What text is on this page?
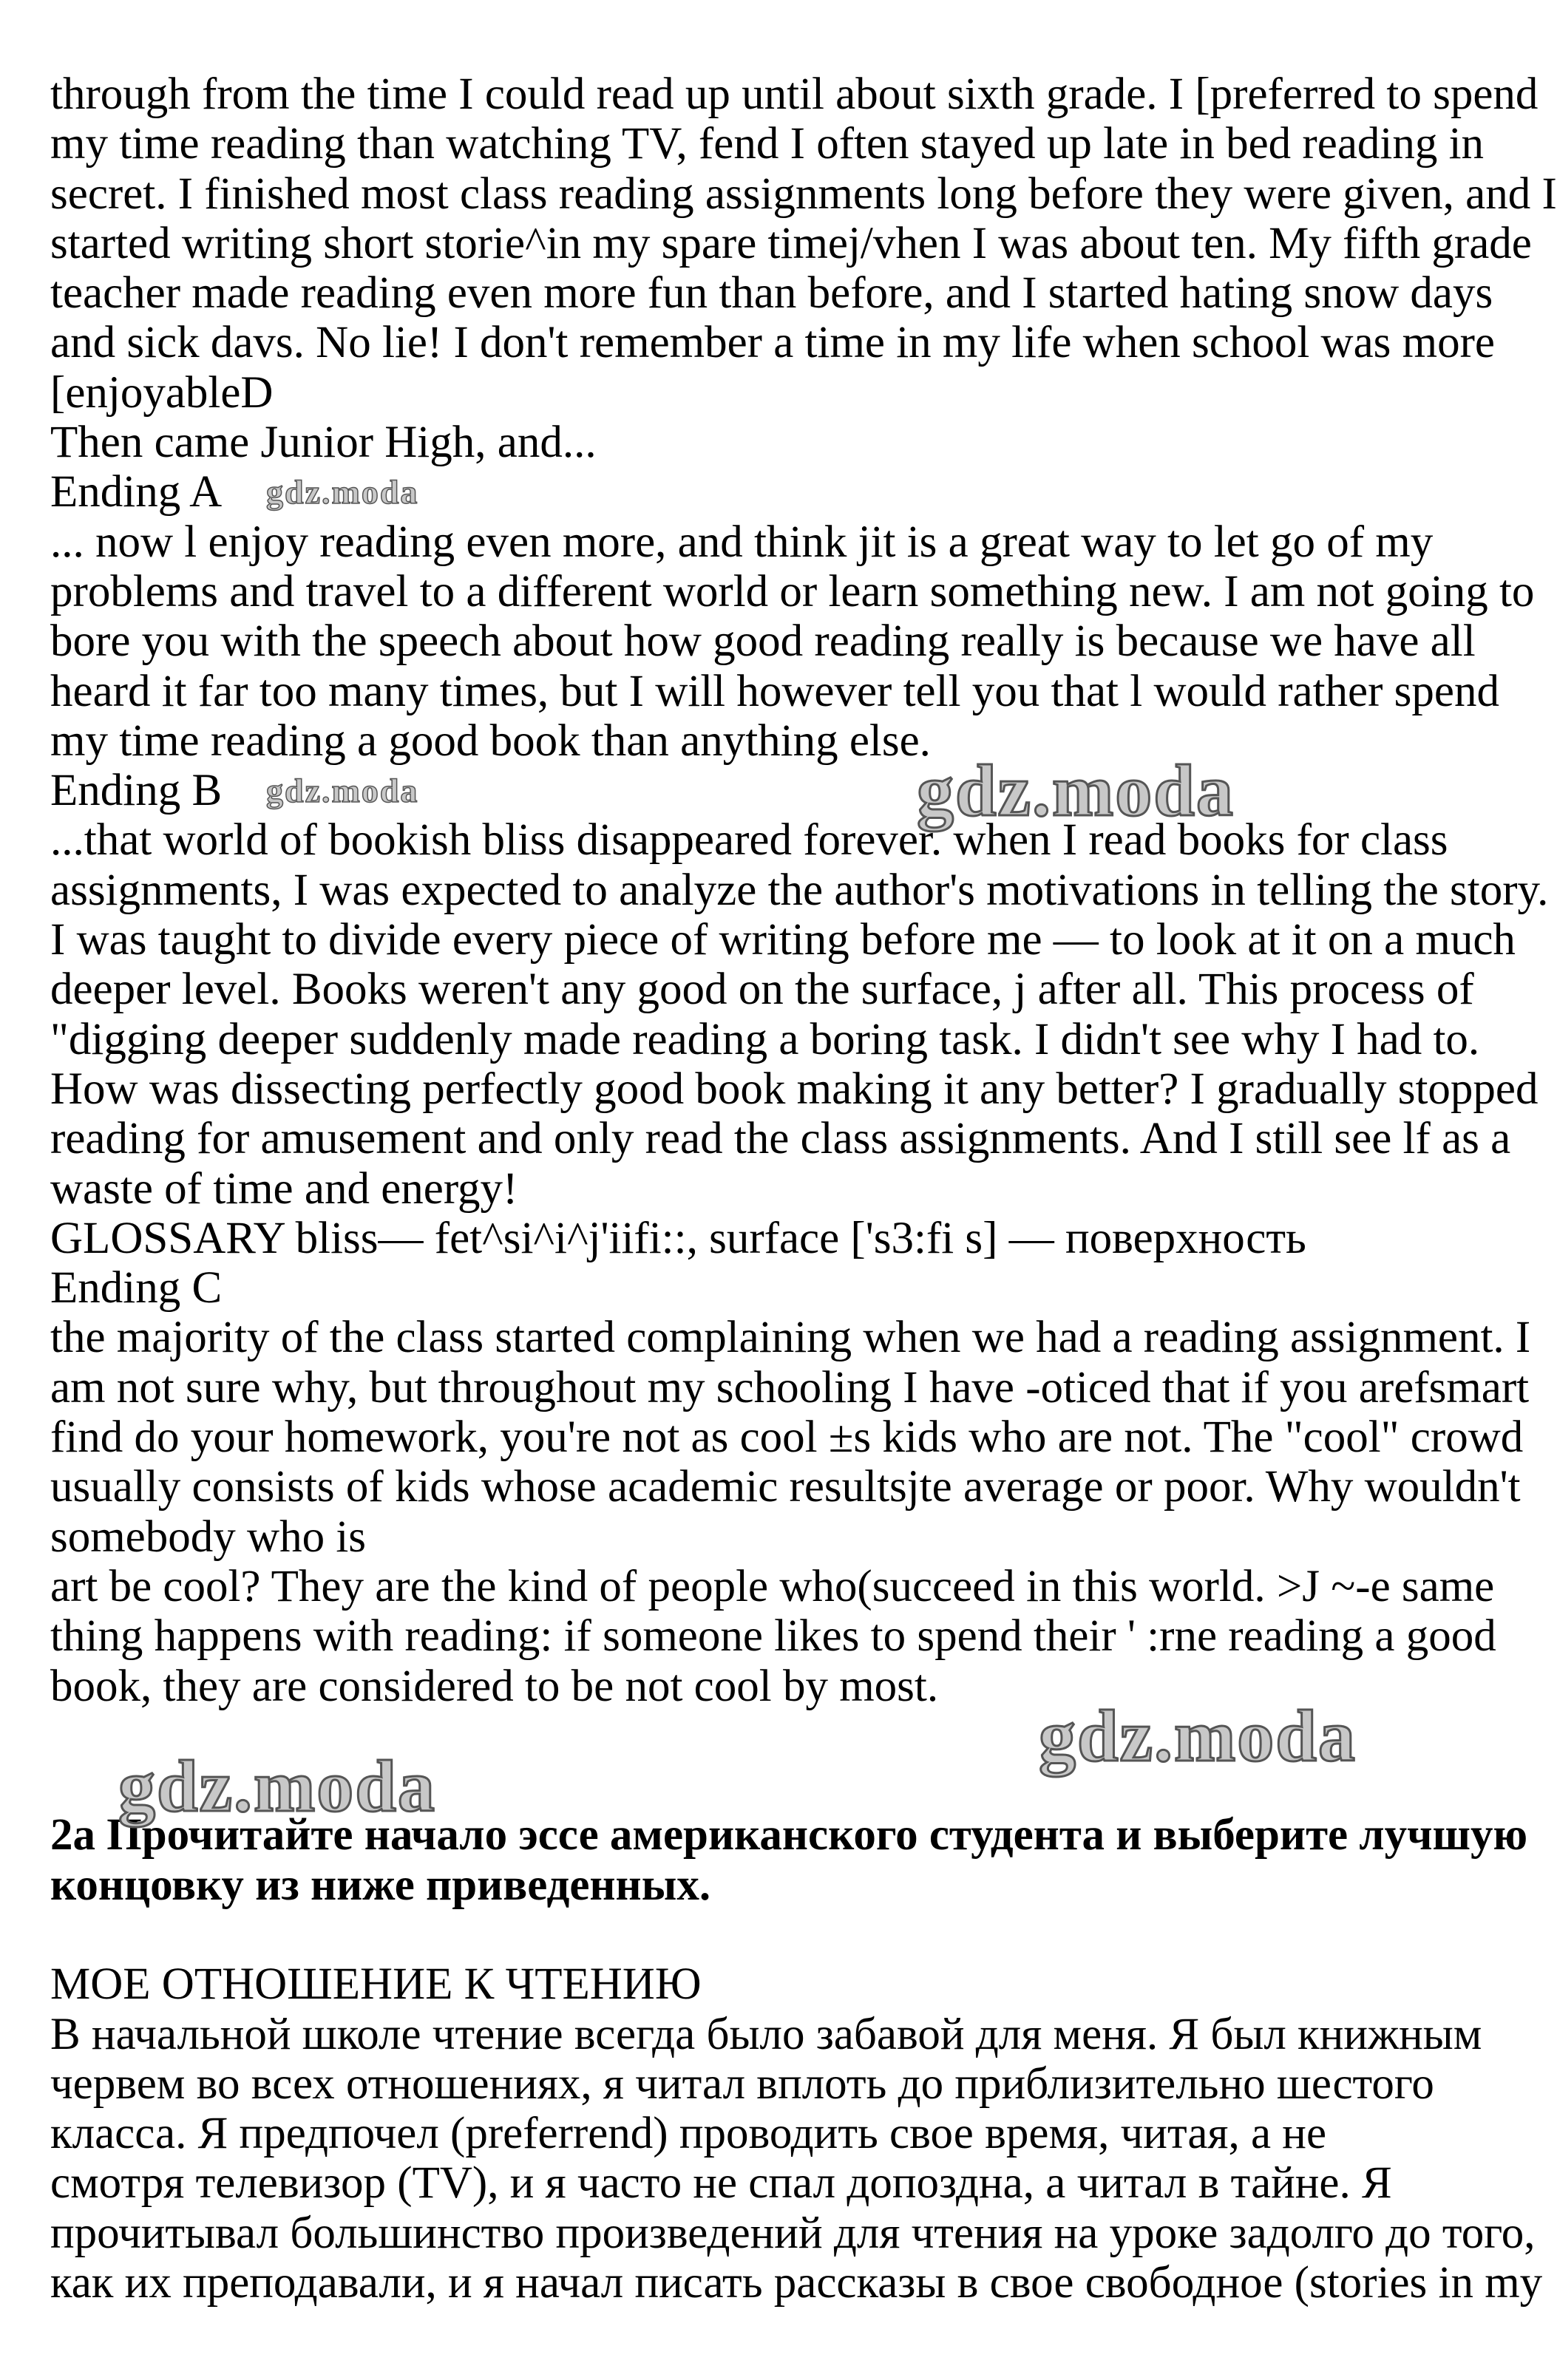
through from the time I could read up until about sixth grade. I [preferred to spend
my time reading than watching TV, fend I often stayed up late in bed reading in
secret. I finished most class reading assignments long before they were given, and I
started writing short storie^in my spare timej/vhen I was about ten. My fifth grade
teacher made reading even more fun than before, and I started hating snow days
and sick davs. No lie! I don't remember a time in my life when school was more
[enjoyableD
Then came Junior High, and...
Ending A
... now l enjoy reading even more, and think jit is a great way to let go of my
problems and travel to a different world or learn something new. I am not going to
bore you with the speech about how good reading really is because we have all
heard it far too many times, but I will however tell you that l would rather spend
my time reading a good book than anything else.
Ending B
...that world of bookish bliss disappeared forever. when I read books for class
assignments, I was expected to analyze the author's motivations in telling the story.
I was taught to divide every piece of writing before me — to look at it on a much
deeper level. Books weren't any good on the surface, j after all. This process of
"digging deeper suddenly made reading a boring task. I didn't see why I had to.
How was dissecting perfectly good book making it any better? I gradually stopped
reading for amusement and only read the class assignments. And I still see lf as a
waste of time and energy!
GLOSSARY bliss— fet^si^i^j'iifi::, surface ['s3:fi s] — поверхность
Ending C
the majority of the class started complaining when we had a reading assignment. I
am not sure why, but throughout my schooling I have -oticed that if you arefsmart
find do your homework, you're not as cool ±s kids who are not. The "cool" crowd
usually consists of kids whose academic resultsjte average or poor. Why wouldn't
somebody who is
art be cool? They are the kind of people who(succeed in this world. >J ~-e same
thing happens with reading: if someone likes to spend their ' :rne reading a good
book, they are considered to be not cool by most.
2a Прочитайте начало эссе американского студента и выберите лучшую
концовку из ниже приведенных.
МОЕ ОТНОШЕНИЕ К ЧТЕНИЮ
В начальной школе чтение всегда было забавой для меня. Я был книжным
червем во всех отношениях, я читал вплоть до приблизительно шестого
класса. Я предпочел (preferrend) проводить свое время, читая, а не
смотря телевизор (TV), и я часто не спал допоздна, а читал в тайне. Я
прочитывал большинство произведений для чтения на уроке задолго до того,
как их преподавали, и я начал писать рассказы в свое свободное (stories in my
gdz.moda
gdz.moda
gdz.moda
gdz.moda
gdz.moda
